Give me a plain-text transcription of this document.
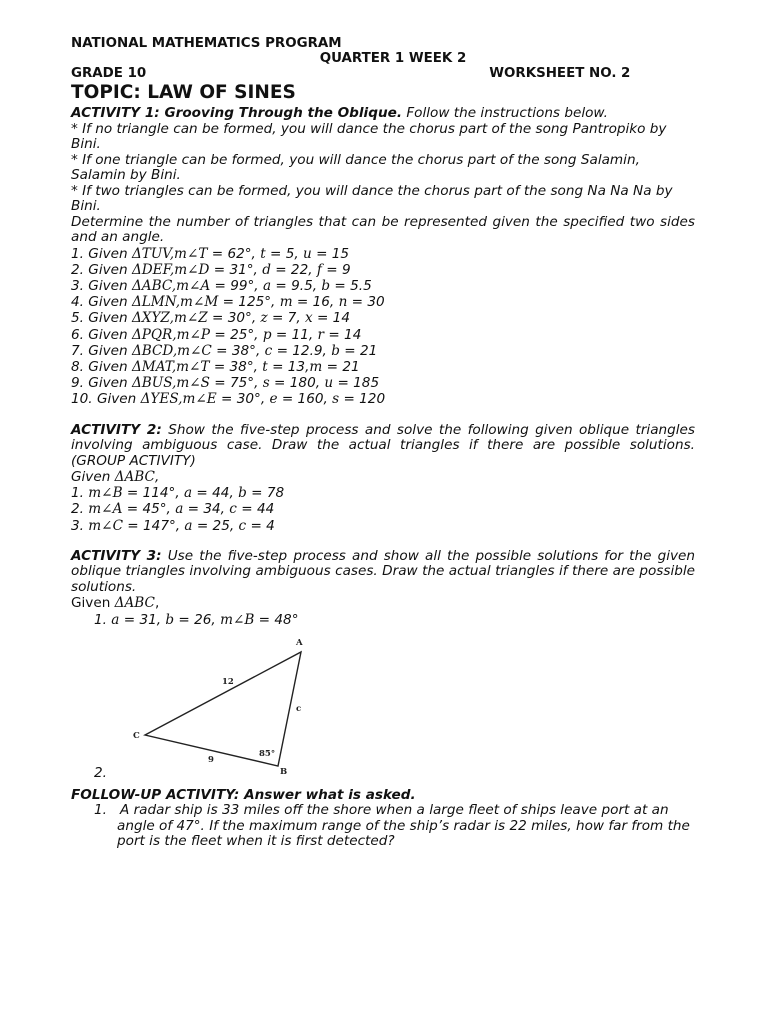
NATIONAL MATHEMATICS PROGRAM
QUARTER 1 WEEK 2
GRADE 10	WORKSHEET NO. 2
TOPIC: LAW OF SINES
ACTIVITY 1: Grooving Through the Oblique. Follow the instructions below.
* If no triangle can be formed, you will dance the chorus part of the song Pantropiko by Bini.
* If one triangle can be formed, you will dance the chorus part of the song Salamin, Salamin by Bini.
* If two triangles can be formed, you will dance the chorus part of the song Na Na Na by Bini.
Determine the number of triangles that can be represented given the specified two sides and an angle.
1. Given ΔTUV,m∠T = 62°, t = 5, u = 15
2. Given ΔDEF,m∠D = 31°, d = 22, f = 9
3. Given ΔABC,m∠A = 99°, a = 9.5, b = 5.5
4. Given ΔLMN,m∠M = 125°, m = 16, n = 30
5. Given ΔXYZ,m∠Z = 30°, z = 7, x = 14
6. Given ΔPQR,m∠P = 25°, p = 11, r = 14
7. Given ΔBCD,m∠C = 38°, c = 12.9, b = 21
8. Given ΔMAT,m∠T = 38°, t = 13,m = 21
9. Given ΔBUS,m∠S = 75°, s = 180, u = 185
10. Given ΔYES,m∠E = 30°, e = 160, s = 120
ACTIVITY 2: Show the five-step process and solve the following given oblique triangles involving ambiguous case. Draw the actual triangles if there are possible solutions. (GROUP ACTIVITY)
Given ΔABC,
1. m∠B = 114°, a = 44, b = 78
2. m∠A = 45°, a = 34, c = 44
3. m∠C = 147°, a = 25, c = 4
ACTIVITY 3: Use the five-step process and show all the possible solutions for the given oblique triangles involving ambiguous cases. Draw the actual triangles if there are possible solutions.
Given ΔABC,
1. a = 31, b = 26, m∠B = 48°
2.
FOLLOW-UP ACTIVITY: Answer what is asked.
1. A radar ship is 33 miles off the shore when a large fleet of ships leave port at an angle of 47°. If the maximum range of the ship’s radar is 22 miles, how far from the port is the fleet when it is first detected?
A
B
C
12
9
c
85°
